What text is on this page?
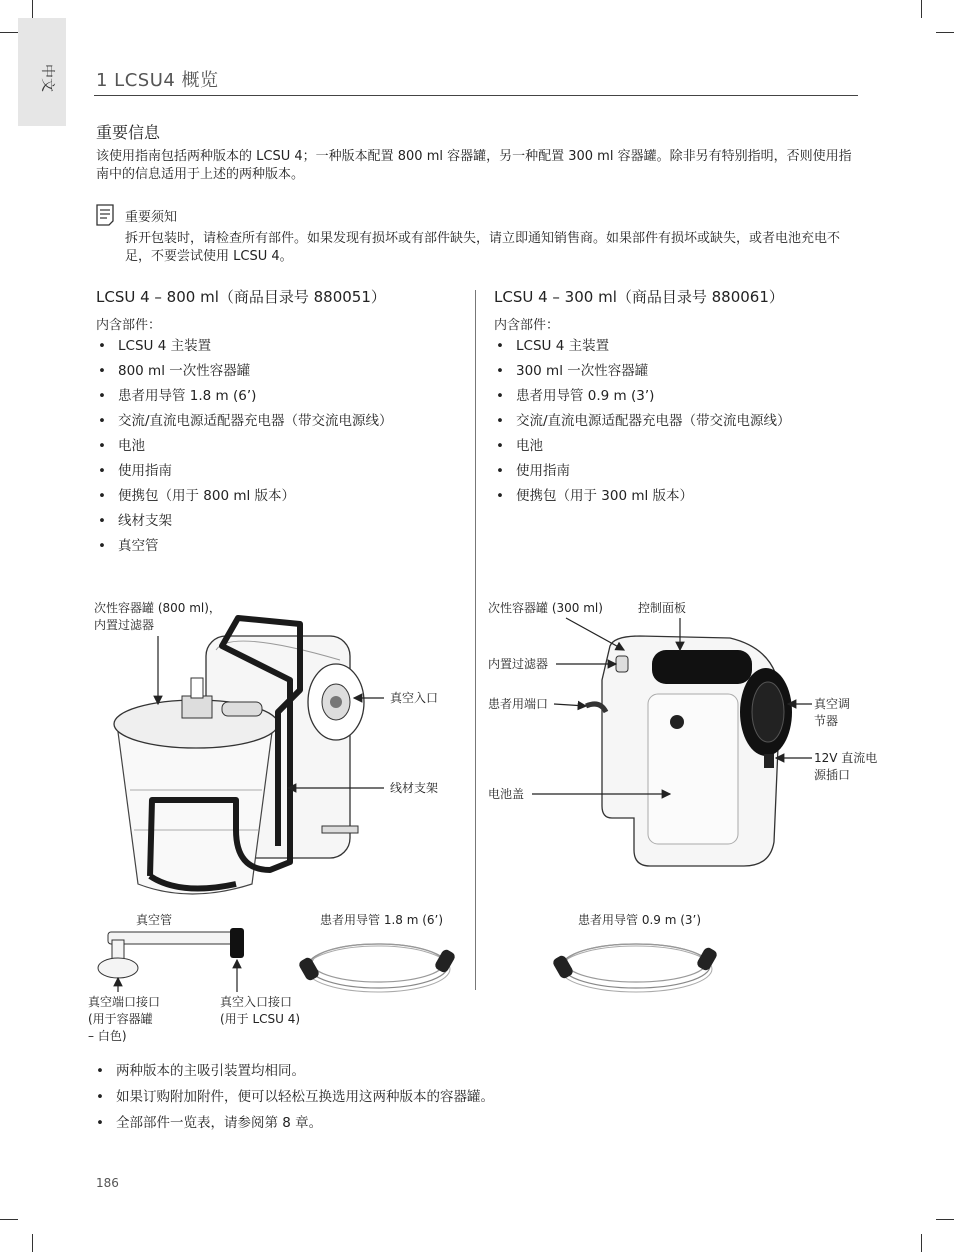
中文 1 LCSU4 概览
重要信息
该使用指南包括两种版本的 LCSU 4；一种版本配置 800 ml 容器罐，另一种配置 300 ml 容器罐。除非另有特别指明，否则使用指南中的信息适用于上述的两种版本。
重要须知
拆开包装时，请检查所有部件。如果发现有损坏或有部件缺失，请立即通知销售商。如果部件有损坏或缺失，或者电池充电不足，不要尝试使用 LCSU 4。
LCSU 4 – 800 ml（商品目录号 880051）
内含部件：
• LCSU 4 主装置
• 800 ml 一次性容器罐
• 患者用导管 1.8 m (6’)
• 交流/直流电源适配器充电器（带交流电源线）
• 电池
• 使用指南
• 便携包（用于 800 ml 版本）
• 线材支架
• 真空管
LCSU 4 – 300 ml（商品目录号 880061）
内含部件：
• LCSU 4 主装置
• 300 ml 一次性容器罐
• 患者用导管 0.9 m (3’)
• 交流/直流电源适配器充电器（带交流电源线）
• 电池
• 使用指南
• 便携包（用于 300 ml 版本）
次性容器罐 (800 ml)，
内置过滤器
真空入口
线材支架
次性容器罐 (300 ml)	控制面板
内置过滤器
患者用端口	真空调
节器
12V 直流电
源插口
电池盖
真空管	患者用导管 1.8 m (6’)	患者用导管 0.9 m (3’)
真空端口接口
(用于容器罐
– 白色)
真空入口接口
(用于 LCSU 4)
• 两种版本的主吸引装置均相同。
• 如果订购附加附件，便可以轻松互换选用这两种版本的容器罐。
• 全部部件一览表，请参阅第 8 章。
186
